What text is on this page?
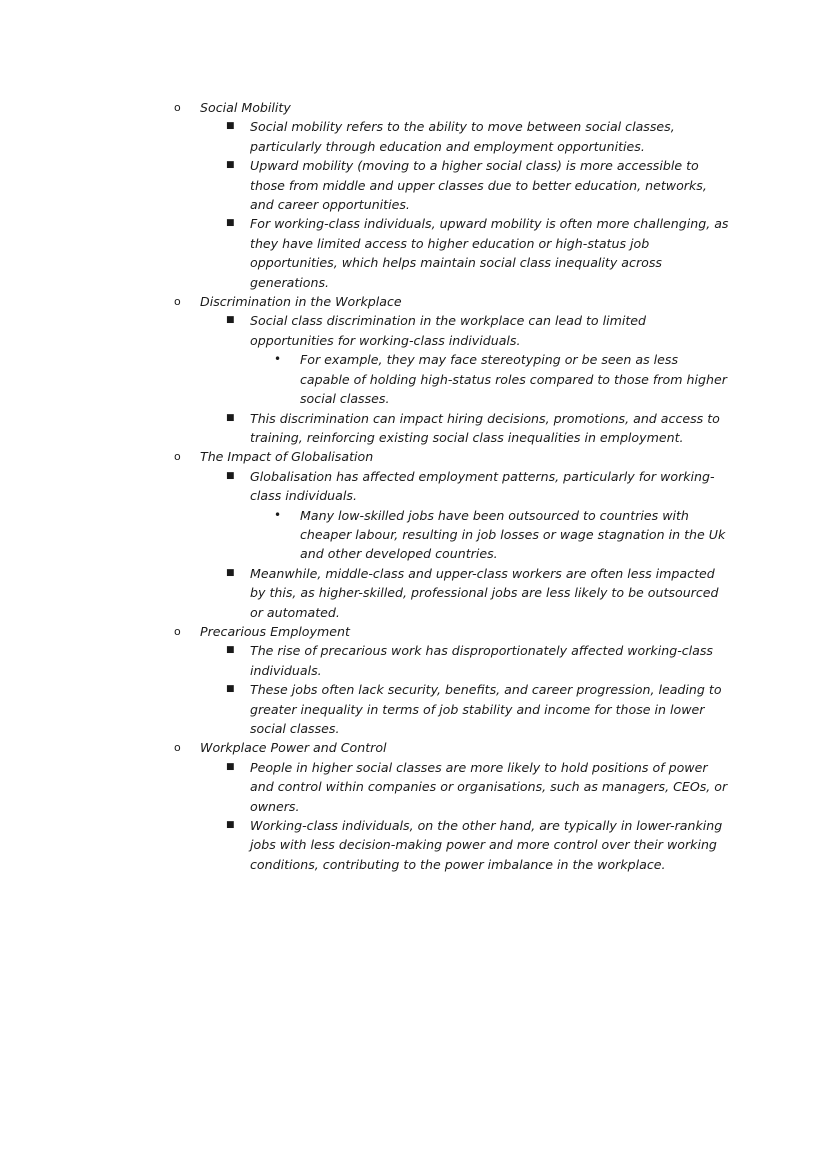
o Social Mobility
■ Social mobility refers to the ability to move between social classes, particularly through education and employment opportunities.
■ Upward mobility (moving to a higher social class) is more accessible to those from middle and upper classes due to better education, networks, and career opportunities.
■ For working-class individuals, upward mobility is often more challenging, as they have limited access to higher education or high-status job opportunities, which helps maintain social class inequality across generations.
o Discrimination in the Workplace
■ Social class discrimination in the workplace can lead to limited opportunities for working-class individuals.
• For example, they may face stereotyping or be seen as less capable of holding high-status roles compared to those from higher social classes.
■ This discrimination can impact hiring decisions, promotions, and access to training, reinforcing existing social class inequalities in employment.
o The Impact of Globalisation
■ Globalisation has affected employment patterns, particularly for working-class individuals.
• Many low-skilled jobs have been outsourced to countries with cheaper labour, resulting in job losses or wage stagnation in the Uk and other developed countries.
■ Meanwhile, middle-class and upper-class workers are often less impacted by this, as higher-skilled, professional jobs are less likely to be outsourced or automated.
o Precarious Employment
■ The rise of precarious work has disproportionately affected working-class individuals.
■ These jobs often lack security, benefits, and career progression, leading to greater inequality in terms of job stability and income for those in lower social classes.
o Workplace Power and Control
■ People in higher social classes are more likely to hold positions of power and control within companies or organisations, such as managers, CEOs, or owners.
■ Working-class individuals, on the other hand, are typically in lower-ranking jobs with less decision-making power and more control over their working conditions, contributing to the power imbalance in the workplace.
